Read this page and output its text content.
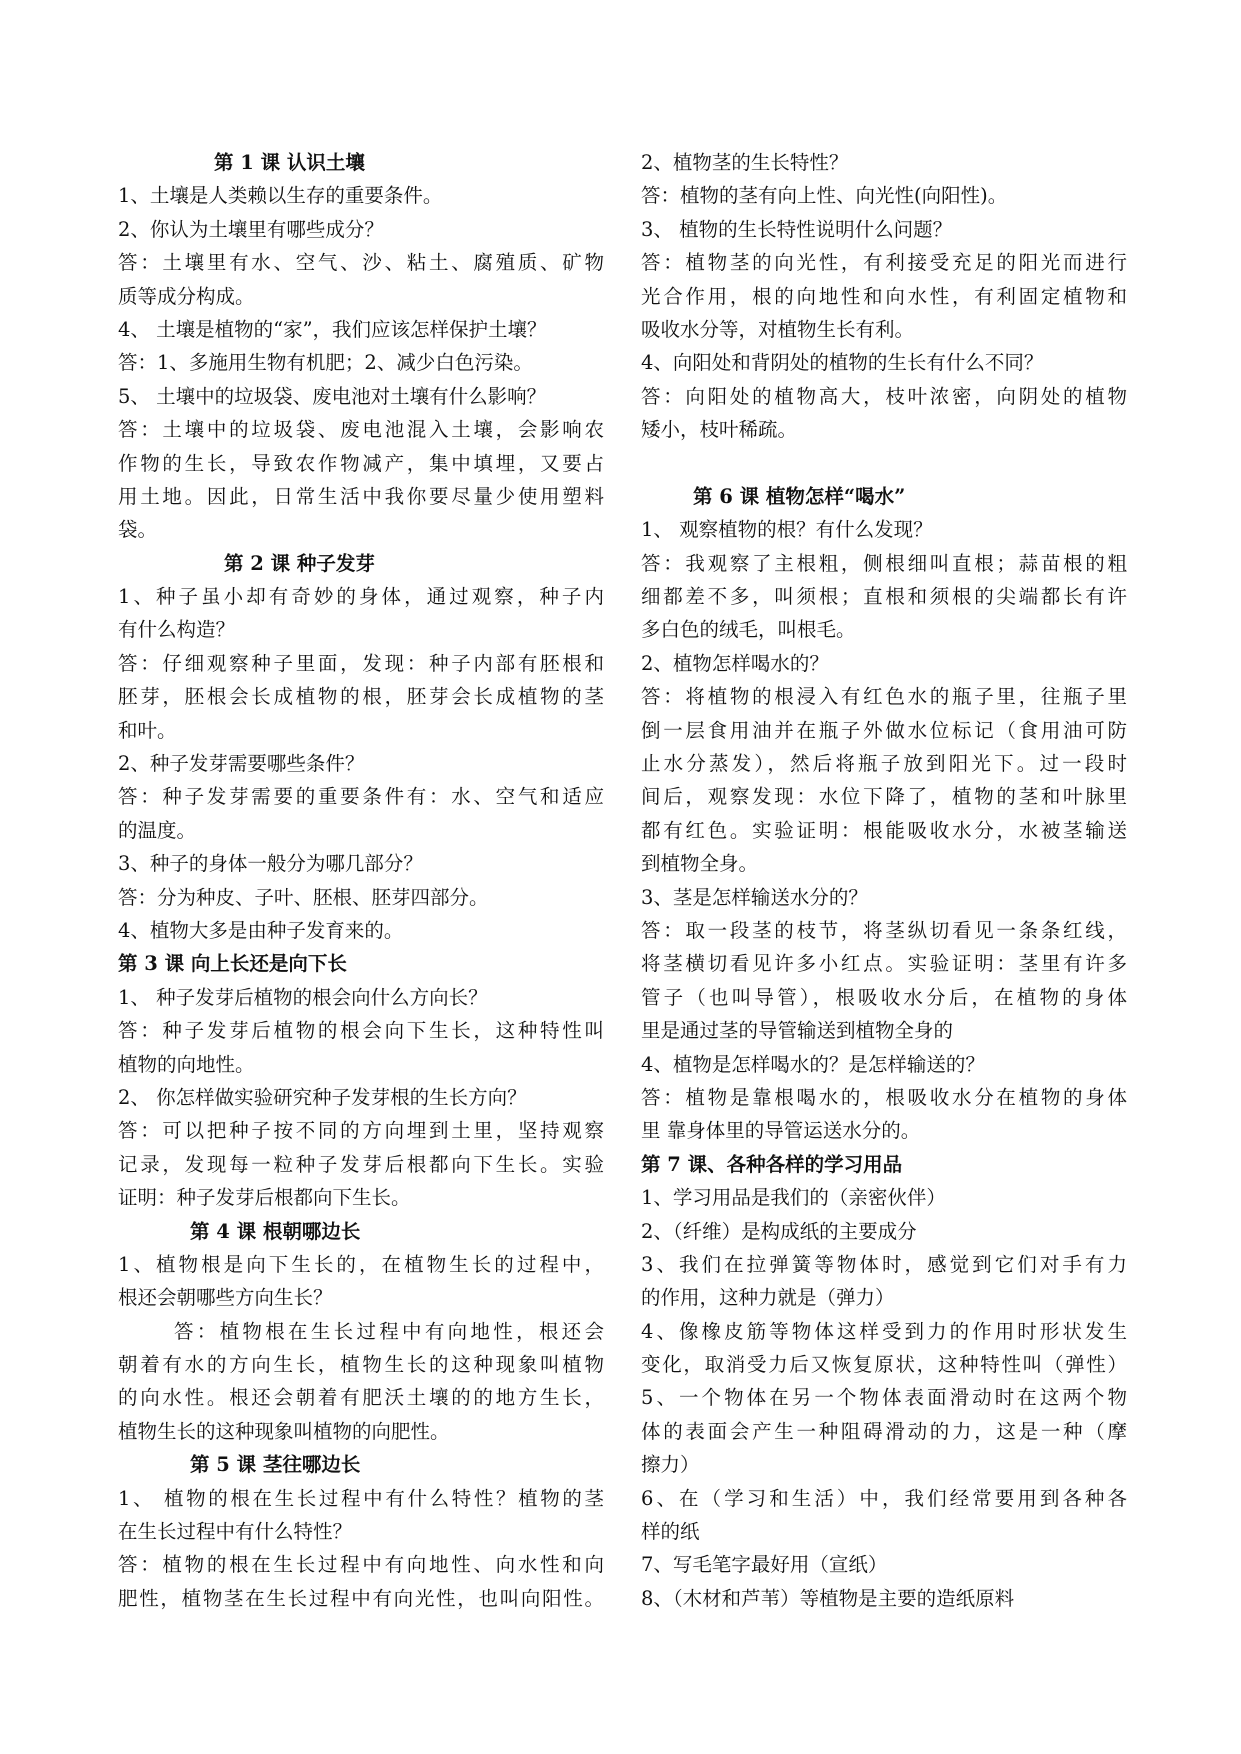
第 1 课 认识土壤
1、土壤是人类赖以生存的重要条件。
2、你认为土壤里有哪些成分？
答：土壤里有水、空气、沙、粘土、腐殖质、矿物
质等成分构成。
4、 土壤是植物的“家”，我们应该怎样保护土壤？
答：1、多施用生物有机肥；2、减少白色污染。
5、 土壤中的垃圾袋、废电池对土壤有什么影响？
答：土壤中的垃圾袋、废电池混入土壤，会影响农
作物的生长，导致农作物减产，集中填埋，又要占
用土地。因此，日常生活中我你要尽量少使用塑料
袋。
第 2 课 种子发芽
1、种子虽小却有奇妙的身体，通过观察，种子内
有什么构造？
答：仔细观察种子里面，发现：种子内部有胚根和
胚芽，胚根会长成植物的根，胚芽会长成植物的茎
和叶。
2、种子发芽需要哪些条件？
答：种子发芽需要的重要条件有：水、空气和适应
的温度。
3、种子的身体一般分为哪几部分？
答：分为种皮、子叶、胚根、胚芽四部分。
4、植物大多是由种子发育来的。
第 3 课 向上长还是向下长
1、 种子发芽后植物的根会向什么方向长？
答：种子发芽后植物的根会向下生长，这种特性叫
植物的向地性。
2、 你怎样做实验研究种子发芽根的生长方向？
答：可以把种子按不同的方向埋到土里，坚持观察
记录，发现每一粒种子发芽后根都向下生长。实验
证明：种子发芽后根都向下生长。
第 4 课 根朝哪边长
1、植物根是向下生长的，在植物生长的过程中，
根还会朝哪些方向生长？
答：植物根在生长过程中有向地性，根还会
朝着有水的方向生长，植物生长的这种现象叫植物
的向水性。根还会朝着有肥沃土壤的的地方生长，
植物生长的这种现象叫植物的向肥性。
第 5 课 茎往哪边长
1、 植物的根在生长过程中有什么特性？植物的茎
在生长过程中有什么特性？
答：植物的根在生长过程中有向地性、向水性和向
肥性，植物茎在生长过程中有向光性，也叫向阳性。
2、植物茎的生长特性？
答：植物的茎有向上性、向光性(向阳性)。
3、 植物的生长特性说明什么问题？
答：植物茎的向光性，有利接受充足的阳光而进行
光合作用，根的向地性和向水性，有利固定植物和
吸收水分等，对植物生长有利。
4、向阳处和背阴处的植物的生长有什么不同？
答：向阳处的植物高大，枝叶浓密，向阴处的植物
矮小，枝叶稀疏。
第 6 课 植物怎样“喝水”
1、 观察植物的根？有什么发现？
答：我观察了主根粗，侧根细叫直根；蒜苗根的粗
细都差不多，叫须根；直根和须根的尖端都长有许
多白色的绒毛，叫根毛。
2、植物怎样喝水的？
答：将植物的根浸入有红色水的瓶子里，往瓶子里
倒一层食用油并在瓶子外做水位标记（食用油可防
止水分蒸发），然后将瓶子放到阳光下。过一段时
间后，观察发现：水位下降了，植物的茎和叶脉里
都有红色。实验证明：根能吸收水分，水被茎输送
到植物全身。
3、茎是怎样输送水分的？
答：取一段茎的枝节，将茎纵切看见一条条红线，
将茎横切看见许多小红点。实验证明：茎里有许多
管子（也叫导管），根吸收水分后，在植物的身体
里是通过茎的导管输送到植物全身的
4、植物是怎样喝水的？是怎样输送的？
答：植物是靠根喝水的，根吸收水分在植物的身体
里 靠身体里的导管运送水分的。
第 7 课、各种各样的学习用品
1、学习用品是我们的（亲密伙伴）
2、（纤维）是构成纸的主要成分
3、我们在拉弹簧等物体时，感觉到它们对手有力
的作用，这种力就是（弹力）
4、像橡皮筋等物体这样受到力的作用时形状发生
变化，取消受力后又恢复原状，这种特性叫（弹性）
5、一个物体在另一个物体表面滑动时在这两个物
体的表面会产生一种阻碍滑动的力，这是一种（摩
擦力）
6、在（学习和生活）中，我们经常要用到各种各
样的纸
7、写毛笔字最好用（宣纸）
8、（木材和芦苇）等植物是主要的造纸原料
